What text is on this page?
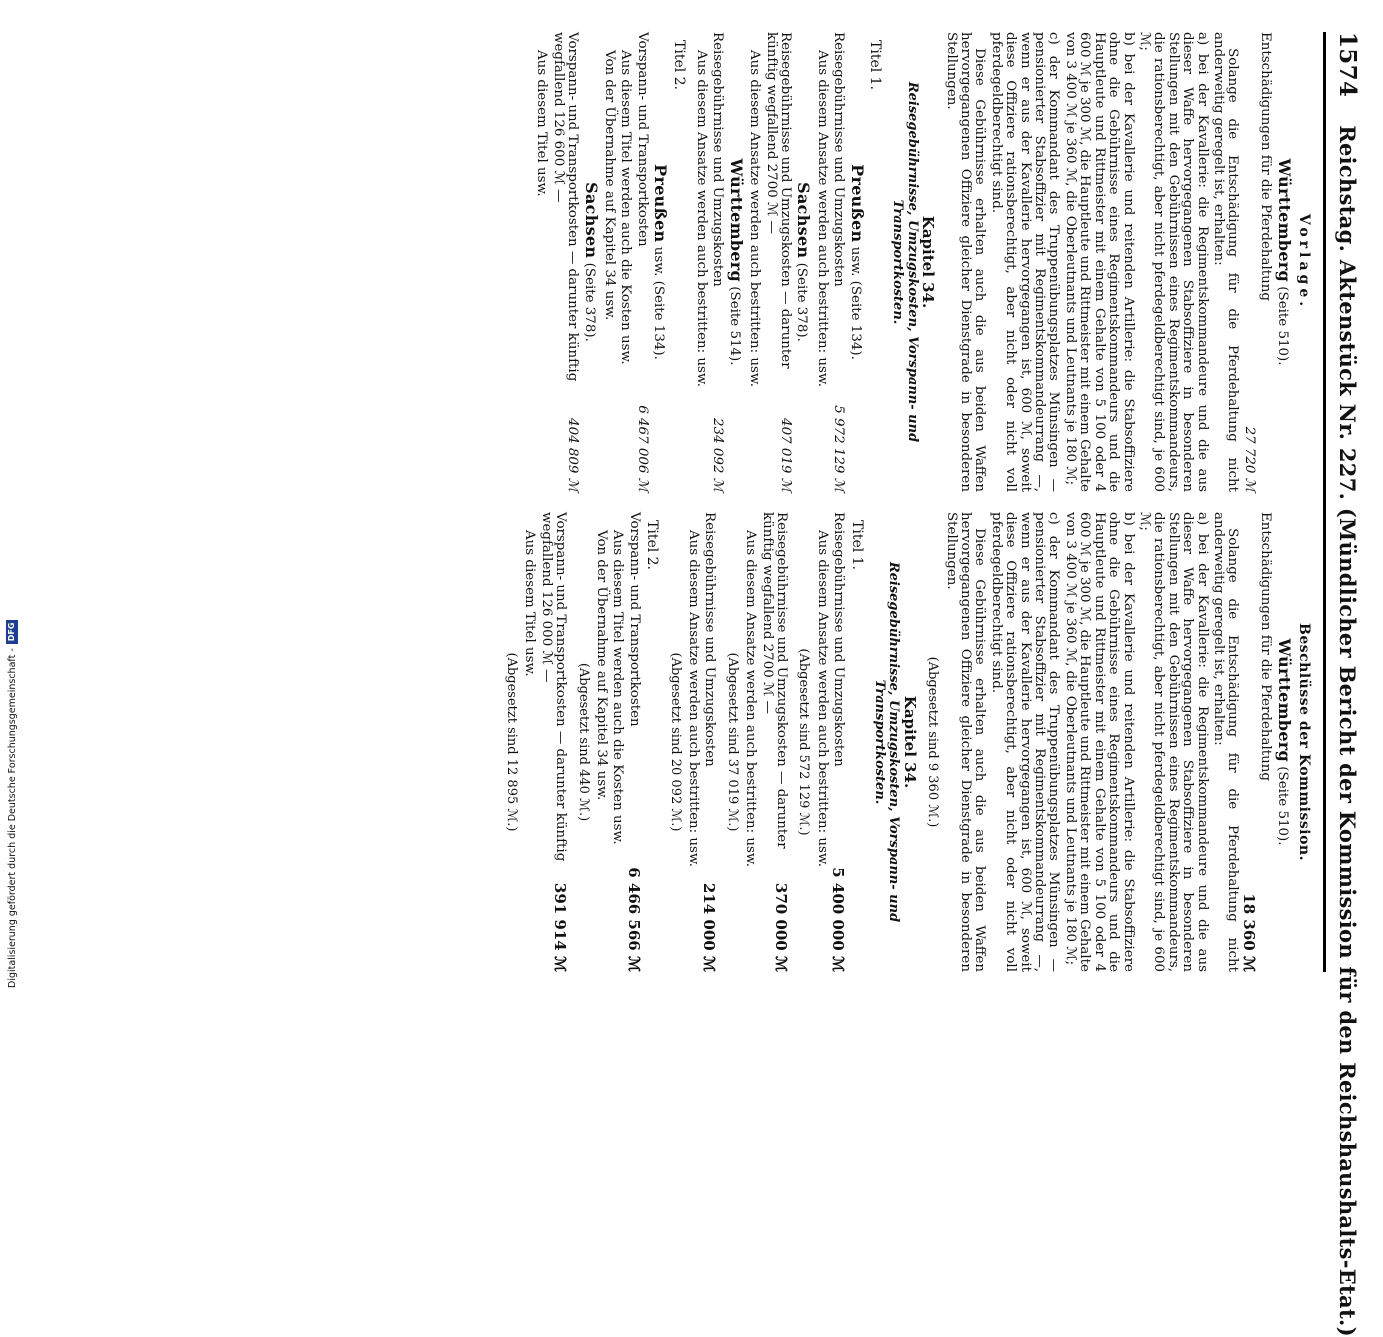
1574
Reichstag. Aktenstück Nr. 227. (Mündlicher Bericht der Kommission für den Reichshaushalts-Etat.)
Vorlage.
Württemberg (Seite 510).
Entschädigungen für die Pferdehaltung
27 720 ℳ

Solange die Entschädigung für die Pferdehaltung nicht anderweitig geregelt ist, erhalten:

a) bei der Kavallerie: die Regimentskommandeure und die aus dieser Waffe hervorgegangenen Stabsoffiziere in besonderen Stellungen mit den Gebührnissen eines Regimentskommandeurs, die rationsberechtigt, aber nicht pferdegeldberechtigt sind, je 600 ℳ;

b) bei der Kavallerie und reitenden Artillerie: die Stabsoffiziere ohne die Gebührnisse eines Regimentskommandeurs und die Hauptleute und Rittmeister mit einem Gehalte von 5 100 oder 4 600 ℳ je 300 ℳ, die Hauptleute und Rittmeister mit einem Gehalte von 3 400 ℳ je 360 ℳ, die Oberleutnants und Leutnants je 180 ℳ;

c) der Kommandant des Truppenübungsplatzes Münsingen — pensionierter Stabsoffizier mit Regimentskommandeurrang —, wenn er aus der Kavallerie hervorgegangen ist, 600 ℳ, soweit diese Offiziere rationsberechtigt, aber nicht oder nicht voll pferdegeldberechtigt sind.

Diese Gebührnisse erhalten auch die aus beiden Waffen hervorgegangenen Offiziere gleicher Dienstgrade in besonderen Stellungen.

Kapitel 34.
Reisegebührnisse, Umzugskosten, Vorspann- und Transportkosten.
Titel 1.
Preußen usw. (Seite 134).
Reisegebührnisse und Umzugskosten
5 972 129 ℳ

Aus diesem Ansatze werden auch bestritten: usw.

Sachsen (Seite 378).
Reisegebührnisse und Umzugskosten — darunter künftig wegfallend 2700 ℳ —
407 019 ℳ

Aus diesem Ansatze werden auch bestritten: usw.

Württemberg (Seite 514).
Reisegebührnisse und Umzugskosten
234 092 ℳ

Aus diesem Ansatze werden auch bestritten: usw.

Titel 2.
Preußen usw. (Seite 134).
Vorspann- und Transportkosten
6 467 006 ℳ

Aus diesem Titel werden auch die Kosten usw.

Von der Übernahme auf Kapitel 34 usw.

Sachsen (Seite 378).
Vorspann- und Transportkosten — darunter künftig wegfallend 126 600 ℳ —
404 809 ℳ

Aus diesem Titel usw.

Beschlüsse der Kommission.
Württemberg (Seite 510).
Entschädigungen für die Pferdehaltung
18 360 ℳ

Solange die Entschädigung für die Pferdehaltung nicht anderweitig geregelt ist, erhalten:

a) bei der Kavallerie: die Regimentskommandeure und die aus dieser Waffe hervorgegangenen Stabsoffiziere in besonderen Stellungen mit den Gebührnissen eines Regimentskommandeurs, die rationsberechtigt, aber nicht pferdegeldberechtigt sind, je 600 ℳ;

b) bei der Kavallerie und reitenden Artillerie: die Stabsoffiziere ohne die Gebührnisse eines Regimentskommandeurs und die Hauptleute und Rittmeister mit einem Gehalte von 5 100 oder 4 600 ℳ je 300 ℳ, die Hauptleute und Rittmeister mit einem Gehalte von 3 400 ℳ je 360 ℳ, die Oberleutnants und Leutnants je 180 ℳ;

c) der Kommandant des Truppenübungsplatzes Münsingen — pensionierter Stabsoffizier mit Regimentskommandeurrang —, wenn er aus der Kavallerie hervorgegangen ist, 600 ℳ, soweit diese Offiziere rationsberechtigt, aber nicht oder nicht voll pferdegeldberechtigt sind.

Diese Gebührnisse erhalten auch die aus beiden Waffen hervorgegangenen Offiziere gleicher Dienstgrade in besonderen Stellungen.

(Abgesetzt sind 9 360 ℳ.)
Kapitel 34.
Reisegebührnisse, Umzugskosten, Vorspann- und Transportkosten.
Titel 1.
Reisegebührnisse und Umzugskosten
5 400 000 ℳ

Aus diesem Ansatze werden auch bestritten: usw.

(Abgesetzt sind 572 129 ℳ.)
Reisegebührnisse und Umzugskosten — darunter künftig wegfallend 2700 ℳ —
370 000 ℳ

Aus diesem Ansatze werden auch bestritten: usw.

(Abgesetzt sind 37 019 ℳ.)
Reisegebührnisse und Umzugskosten
214 000 ℳ

Aus diesem Ansatze werden auch bestritten: usw.

(Abgesetzt sind 20 092 ℳ.)
Titel 2.
Vorspann- und Transportkosten
6 466 566 ℳ

Aus diesem Titel werden auch die Kosten usw.

Von der Übernahme auf Kapitel 34 usw.

(Abgesetzt sind 440 ℳ.)
Vorspann- und Transportkosten — darunter künftig wegfallend 126 000 ℳ —
391 914 ℳ

Aus diesem Titel usw.

(Abgesetzt sind 12 895 ℳ.)
Digitalisierung gefördert durch die Deutsche Forschungsgemeinschaft -
DFG
